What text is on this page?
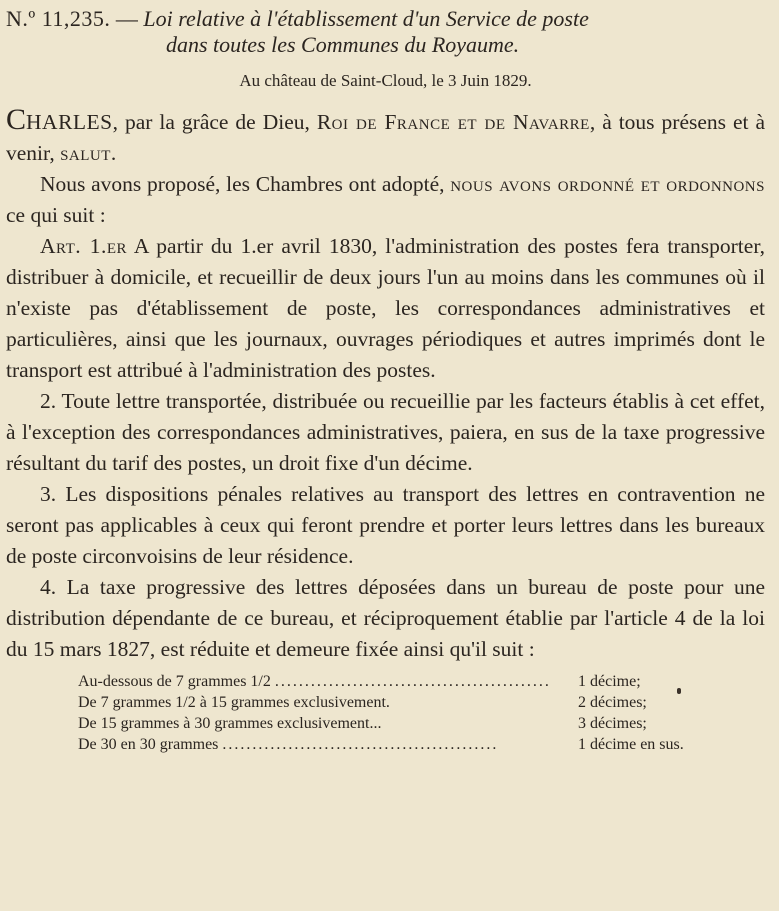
N.º 11,235. — Loi relative à l'établissement d'un Service de poste

dans toutes les Communes du Royaume.

Au château de Saint-Cloud, le 3 Juin 1829.

CHARLES, par la grâce de Dieu, Roi de France et de Navarre, à tous présens et à venir, salut.

Nous avons proposé, les Chambres ont adopté, nous avons ordonné et ordonnons ce qui suit :

Art. 1.er A partir du 1.er avril 1830, l'administration des postes fera transporter, distribuer à domicile, et recueillir de deux jours l'un au moins dans les communes où il n'existe pas d'établissement de poste, les correspondances administratives et particulières, ainsi que les journaux, ouvrages périodiques et autres imprimés dont le transport est attribué à l'administration des postes.

2. Toute lettre transportée, distribuée ou recueillie par les facteurs établis à cet effet, à l'exception des correspondances administratives, paiera, en sus de la taxe progressive résultant du tarif des postes, un droit fixe d'un décime.

3. Les dispositions pénales relatives au transport des lettres en contravention ne seront pas applicables à ceux qui feront prendre et porter leurs lettres dans les bureaux de poste circonvoisins de leur résidence.

4. La taxe progressive des lettres déposées dans un bureau de poste pour une distribution dépendante de ce bureau, et réciproquement établie par l'article 4 de la loi du 15 mars 1827, est réduite et demeure fixée ainsi qu'il suit :

Au-dessous de 7 grammes 1/2 ..............................................	1 décime;
De 7 grammes 1/2 à 15 grammes exclusivement.	2 décimes;
De 15 grammes à 30 grammes exclusivement...	3 décimes;
De 30 en 30 grammes ..............................................	1 décime en sus.
